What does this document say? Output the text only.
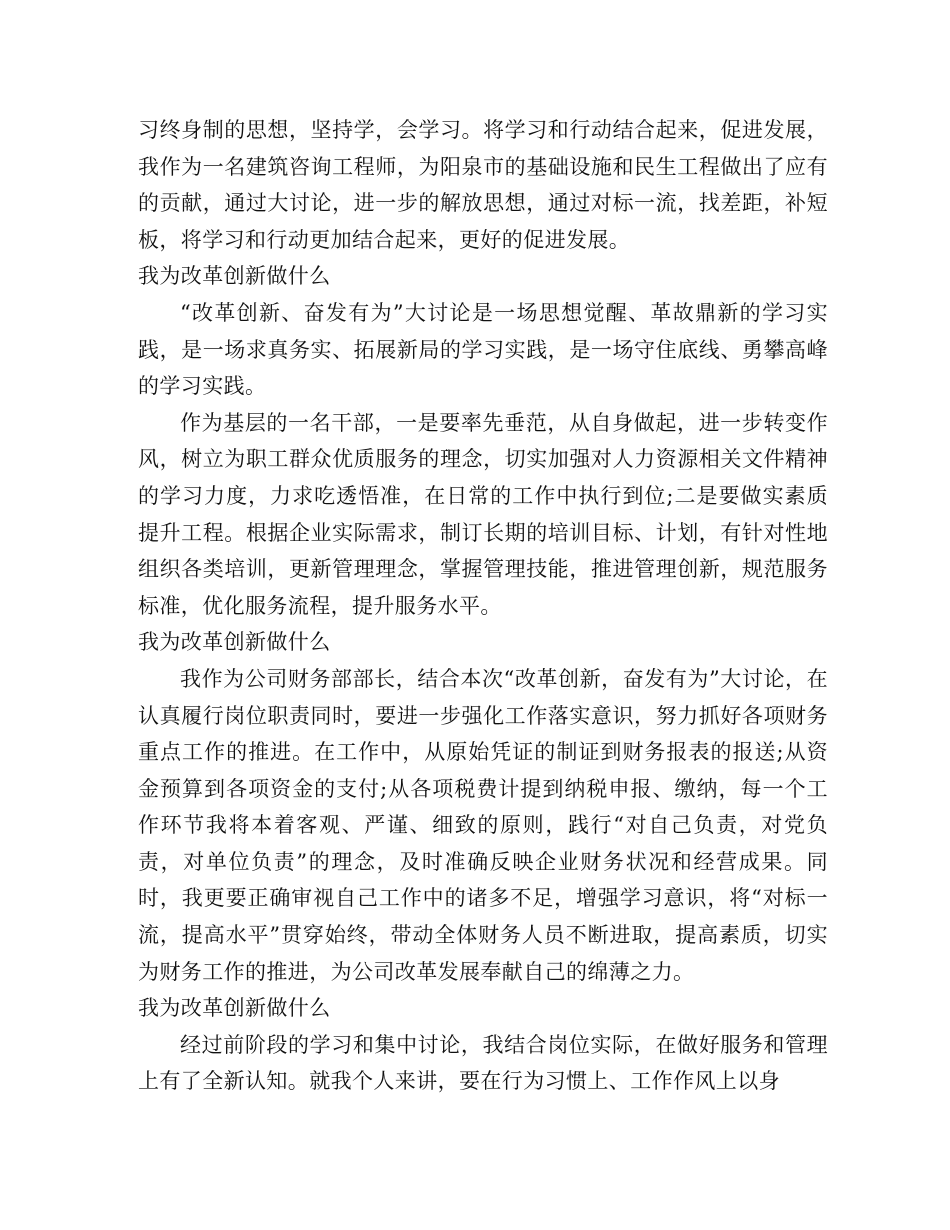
习终身制的思想，坚持学，会学习。将学习和行动结合起来，促进发展，我作为一名建筑咨询工程师，为阳泉市的基础设施和民生工程做出了应有的贡献，通过大讨论，进一步的解放思想，通过对标一流，找差距，补短板，将学习和行动更加结合起来，更好的促进发展。

我为改革创新做什么

“改革创新、奋发有为”大讨论是一场思想觉醒、革故鼎新的学习实践，是一场求真务实、拓展新局的学习实践，是一场守住底线、勇攀高峰的学习实践。

作为基层的一名干部，一是要率先垂范，从自身做起，进一步转变作风，树立为职工群众优质服务的理念，切实加强对人力资源相关文件精神的学习力度，力求吃透悟准，在日常的工作中执行到位;二是要做实素质提升工程。根据企业实际需求，制订长期的培训目标、计划，有针对性地组织各类培训，更新管理理念，掌握管理技能，推进管理创新，规范服务标准，优化服务流程，提升服务水平。

我为改革创新做什么

我作为公司财务部部长，结合本次“改革创新，奋发有为”大讨论，在认真履行岗位职责同时，要进一步强化工作落实意识，努力抓好各项财务重点工作的推进。在工作中，从原始凭证的制证到财务报表的报送;从资金预算到各项资金的支付;从各项税费计提到纳税申报、缴纳，每一个工作环节我将本着客观、严谨、细致的原则，践行“对自己负责，对党负责，对单位负责”的理念，及时准确反映企业财务状况和经营成果。同时，我更要正确审视自己工作中的诸多不足，增强学习意识，将“对标一流，提高水平”贯穿始终，带动全体财务人员不断进取，提高素质，切实为财务工作的推进，为公司改革发展奉献自己的绵薄之力。

我为改革创新做什么

经过前阶段的学习和集中讨论，我结合岗位实际，在做好服务和管理上有了全新认知。就我个人来讲，要在行为习惯上、工作作风上以身
